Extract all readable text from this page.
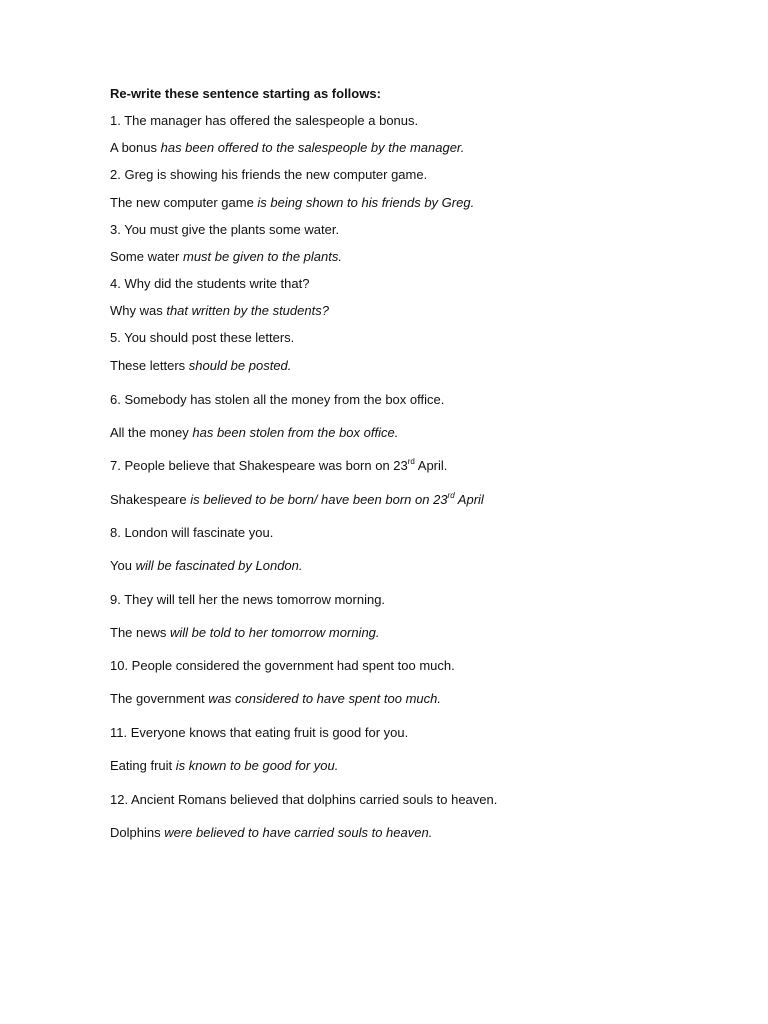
Re-write these sentence starting as follows:
1. The manager has offered the salespeople a bonus.
A bonus has been offered to the salespeople by the manager.
2. Greg is showing his friends the new computer game.
The new computer game is being shown to his friends by Greg.
3. You must give the plants some water.
Some water must be given to the plants.
4. Why did the students write that?
Why was that written by the students?
5. You should post these letters.
These letters should be posted.
6. Somebody has stolen all the money from the box office.
All the money has been stolen from the box office.
7. People believe that Shakespeare was born on 23rd April.
Shakespeare is believed to be born/ have been born on 23rd April
8. London will fascinate you.
You will be fascinated by London.
9. They will tell her the news tomorrow morning.
The news will be told to her tomorrow morning.
10. People considered the government had spent too much.
The government was considered to have spent too much.
11. Everyone knows that eating fruit is good for you.
Eating fruit is known to be good for you.
12. Ancient Romans believed that dolphins carried souls to heaven.
Dolphins were believed to have carried souls to heaven.
